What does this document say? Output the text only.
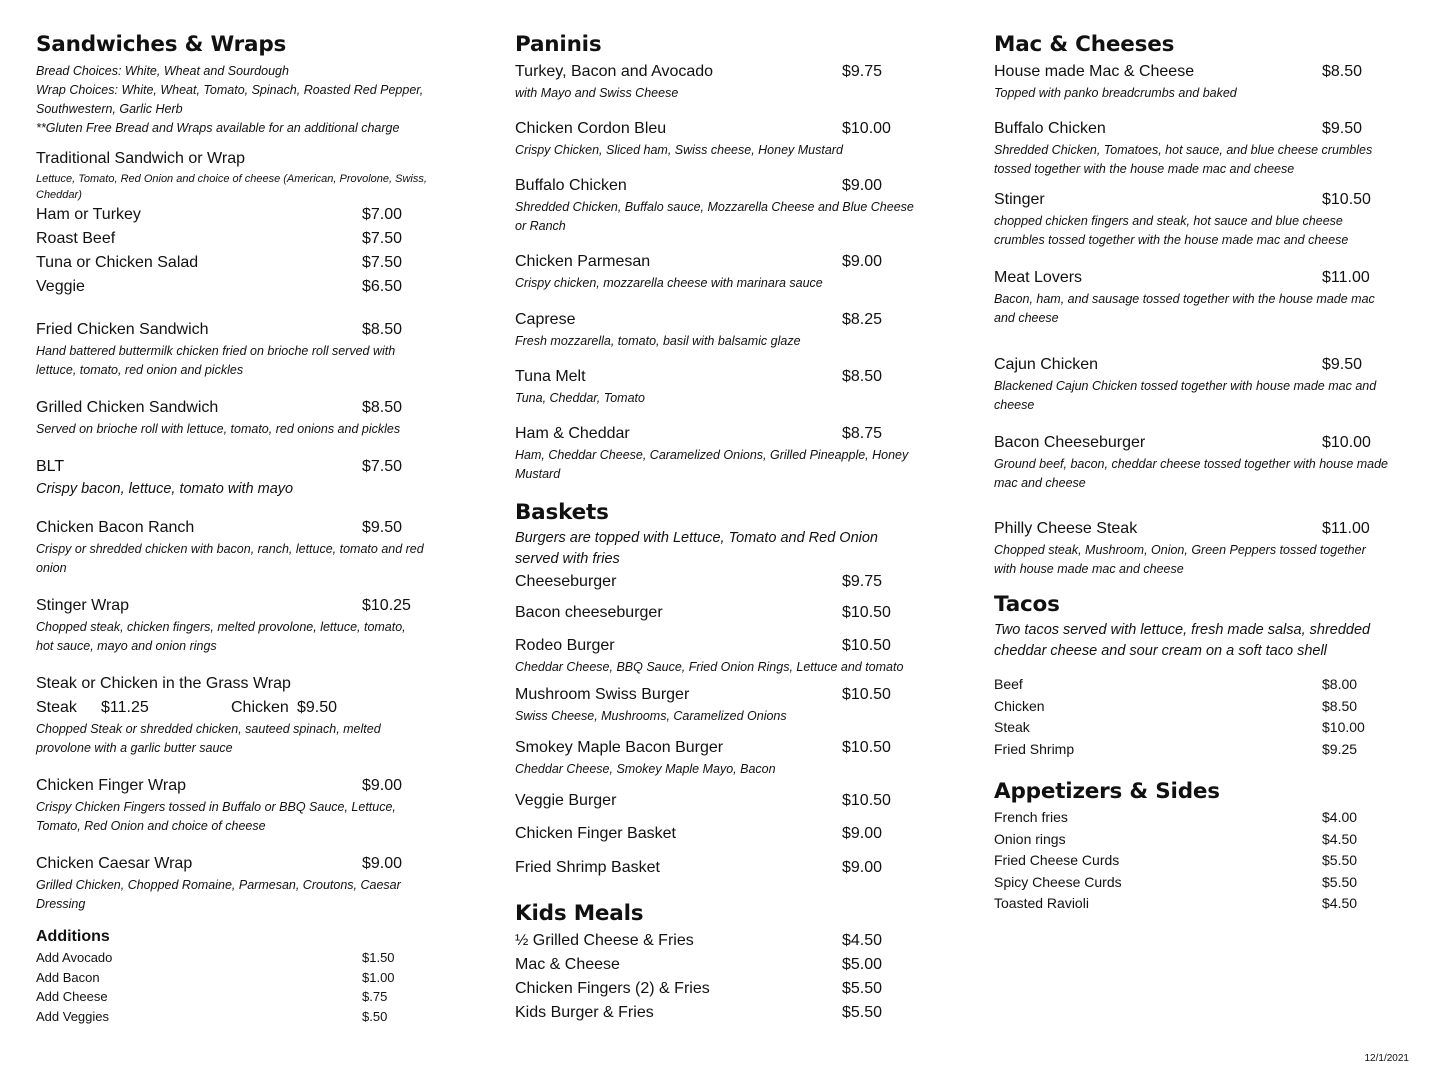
Sandwiches & Wraps

Bread Choices: White, Wheat and Sourdough

Wrap Choices: White, Wheat, Tomato, Spinach, Roasted Red Pepper,

Southwestern, Garlic Herb

**Gluten Free Bread and Wraps available for an additional charge

Traditional Sandwich or Wrap

Lettuce, Tomato, Red Onion and choice of cheese (American, Provolone, Swiss,

Cheddar)

Ham or Turkey	$7.00
Roast Beef	$7.50
Tuna or Chicken Salad	$7.50
Veggie	$6.50
Fried Chicken Sandwich	$8.50

Hand battered buttermilk chicken fried on brioche roll served with

lettuce, tomato, red onion and pickles

Grilled Chicken Sandwich	$8.50

Served on brioche roll with lettuce, tomato, red onions and pickles

BLT	$7.50

Crispy bacon, lettuce, tomato with mayo

Chicken Bacon Ranch	$9.50

Crispy or shredded chicken with bacon, ranch, lettuce, tomato and red

onion

Stinger Wrap	$10.25

Chopped steak, chicken fingers, melted provolone, lettuce, tomato,

hot sauce, mayo and onion rings

Steak or Chicken in the Grass Wrap

Steak	$11.25	Chicken $9.50

Chopped Steak or shredded chicken, sauteed spinach, melted

provolone with a garlic butter sauce

Chicken Finger Wrap	$9.00

Crispy Chicken Fingers tossed in Buffalo or BBQ Sauce, Lettuce,

Tomato, Red Onion and choice of cheese

Chicken Caesar Wrap	$9.00

Grilled Chicken, Chopped Romaine, Parmesan, Croutons, Caesar

Dressing

Additions
Add Avocado	$1.50
Add Bacon	$1.00
Add Cheese	$.75
Add Veggies	$.50
Paninis
Turkey, Bacon and Avocado	$9.75

with Mayo and Swiss Cheese

Chicken Cordon Bleu	$10.00

Crispy Chicken, Sliced ham, Swiss cheese, Honey Mustard

Buffalo Chicken	$9.00

Shredded Chicken, Buffalo sauce, Mozzarella Cheese and Blue Cheese

or Ranch

Chicken Parmesan	$9.00

Crispy chicken, mozzarella cheese with marinara sauce

Caprese	$8.25

Fresh mozzarella, tomato, basil with balsamic glaze

Tuna Melt	$8.50

Tuna, Cheddar, Tomato

Ham & Cheddar	$8.75

Ham, Cheddar Cheese, Caramelized Onions, Grilled Pineapple, Honey

Mustard

Baskets

Burgers are topped with Lettuce, Tomato and Red Onion

served with fries

Cheeseburger	$9.75
Bacon cheeseburger	$10.50
Rodeo Burger	$10.50

Cheddar Cheese, BBQ Sauce, Fried Onion Rings, Lettuce and tomato

Mushroom Swiss Burger	$10.50

Swiss Cheese, Mushrooms, Caramelized Onions

Smokey Maple Bacon Burger	$10.50

Cheddar Cheese, Smokey Maple Mayo, Bacon

Veggie Burger	$10.50
Chicken Finger Basket	$9.00
Fried Shrimp Basket	$9.00
Kids Meals
½ Grilled Cheese & Fries	$4.50
Mac & Cheese	$5.00
Chicken Fingers (2) & Fries	$5.50
Kids Burger & Fries	$5.50
Mac & Cheeses
House made Mac & Cheese	$8.50

Topped with panko breadcrumbs and baked

Buffalo Chicken	$9.50

Shredded Chicken, Tomatoes, hot sauce, and blue cheese crumbles

tossed together with the house made mac and cheese

Stinger	$10.50

chopped chicken fingers and steak, hot sauce and blue cheese

crumbles tossed together with the house made mac and cheese

Meat Lovers	$11.00

Bacon, ham, and sausage tossed together with the house made mac

and cheese

Cajun Chicken	$9.50

Blackened Cajun Chicken tossed together with house made mac and

cheese

Bacon Cheeseburger	$10.00

Ground beef, bacon, cheddar cheese tossed together with house made

mac and cheese

Philly Cheese Steak	$11.00

Chopped steak, Mushroom, Onion, Green Peppers tossed together

with house made mac and cheese

Tacos

Two tacos served with lettuce, fresh made salsa, shredded

cheddar cheese and sour cream on a soft taco shell

Beef	$8.00
Chicken	$8.50
Steak	$10.00
Fried Shrimp	$9.25
Appetizers & Sides
French fries	$4.00
Onion rings	$4.50
Fried Cheese Curds	$5.50
Spicy Cheese Curds	$5.50
Toasted Ravioli	$4.50
12/1/2021
